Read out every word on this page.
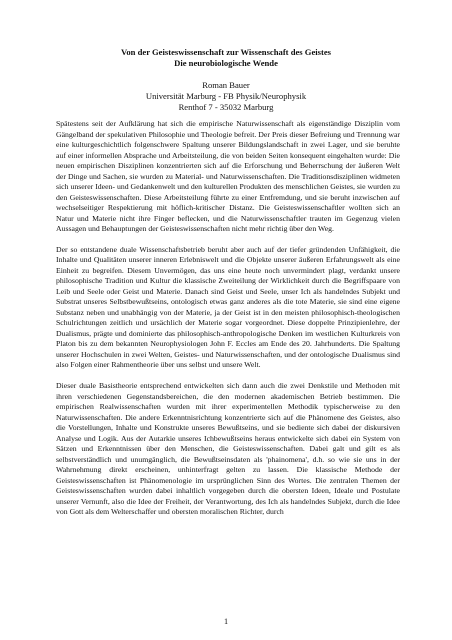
Von der Geisteswissenschaft zur Wissenschaft des Geistes
Die neurobiologische Wende
Roman Bauer
Universität Marburg - FB Physik/Neurophysik
Renthof 7 - 35032 Marburg

Spätestens seit der Aufklärung hat sich die empirische Naturwissenschaft als eigenständige Disziplin vom Gängelband der spekulativen Philosophie und Theologie befreit. Der Preis dieser Befreiung und Trennung war eine kulturgeschichtlich folgenschwere Spaltung unserer Bildungslandschaft in zwei Lager, und sie beruhte auf einer informellen Absprache und Arbeitsteilung, die von beiden Seiten konsequent eingehalten wurde: Die neuen empirischen Disziplinen konzentrierten sich auf die Erforschung und Beherrschung der äußeren Welt der Dinge und Sachen, sie wurden zu Material- und Naturwissenschaften. Die Traditionsdisziplinen widmeten sich unserer Ideen- und Gedankenwelt und den kulturellen Produkten des menschlichen Geistes, sie wurden zu den Geisteswissenschaften. Diese Arbeitsteilung führte zu einer Entfremdung, und sie beruht inzwischen auf wechselseitiger Respektierung mit höflich-kritischer Distanz. Die Geisteswissenschaftler wollten sich an Natur und Materie nicht ihre Finger beflecken, und die Naturwissenschaftler trauten im Gegenzug vielen Aussagen und Behauptungen der Geisteswissenschaften nicht mehr richtig über den Weg.

Der so entstandene duale Wissenschaftsbetrieb beruht aber auch auf der tiefer gründenden Unfähigkeit, die Inhalte und Qualitäten unserer inneren Erlebniswelt und die Objekte unserer äußeren Erfahrungswelt als eine Einheit zu begreifen. Diesem Unvermögen, das uns eine heute noch unvermindert plagt, verdankt unsere philosophische Tradition und Kultur die klassische Zweiteilung der Wirklichkeit durch die Begriffspaare von Leib und Seele oder Geist und Materie. Danach sind Geist und Seele, unser Ich als handelndes Subjekt und Substrat unseres Selbstbewußtseins, ontologisch etwas ganz anderes als die tote Materie, sie sind eine eigene Substanz neben und unabhängig von der Materie, ja der Geist ist in den meisten philosophisch-theologischen Schulrichtungen zeitlich und ursächlich der Materie sogar vorgeordnet. Diese doppelte Prinzipienlehre, der Dualismus, prägte und dominierte das philosophisch-anthropologische Denken im westlichen Kulturkreis von Platon bis zu dem bekannten Neurophysiologen John F. Eccles am Ende des 20. Jahrhunderts. Die Spaltung unserer Hochschulen in zwei Welten, Geistes- und Naturwissenschaften, und der ontologische Dualismus sind also Folgen einer Rahmentheorie über uns selbst und unsere Welt.

Dieser duale Basistheorie entsprechend entwickelten sich dann auch die zwei Denkstile und Methoden mit ihren verschiedenen Gegenstandsbereichen, die den modernen akademischen Betrieb bestimmen. Die empirischen Realwissenschaften wurden mit ihrer experimentellen Methodik typischerweise zu den Naturwissenschaften. Die andere Erkenntnisrichtung konzentrierte sich auf die Phänomene des Geistes, also die Vorstellungen, Inhalte und Konstrukte unseres Bewußtseins, und sie bediente sich dabei der diskursiven Analyse und Logik. Aus der Autarkie unseres Ichbewußtseins heraus entwickelte sich dabei ein System von Sätzen und Erkenntnissen über den Menschen, die Geisteswissenschaften. Dabei galt und gilt es als selbstverständlich und unumgänglich, die Bewußtseinsdaten als 'phainomena', d.h. so wie sie uns in der Wahrnehmung direkt erscheinen, unhinterfragt gelten zu lassen. Die klassische Methode der Geisteswissenschaften ist Phänomenologie im ursprünglichen Sinn des Wortes. Die zentralen Themen der Geisteswissenschaften wurden dabei inhaltlich vorgegeben durch die obersten Ideen, Ideale und Postulate unserer Vernunft, also die Idee der Freiheit, der Verantwortung, des Ich als handelndes Subjekt, durch die Idee von Gott als dem Welterschaffer und obersten moralischen Richter, durch

1
